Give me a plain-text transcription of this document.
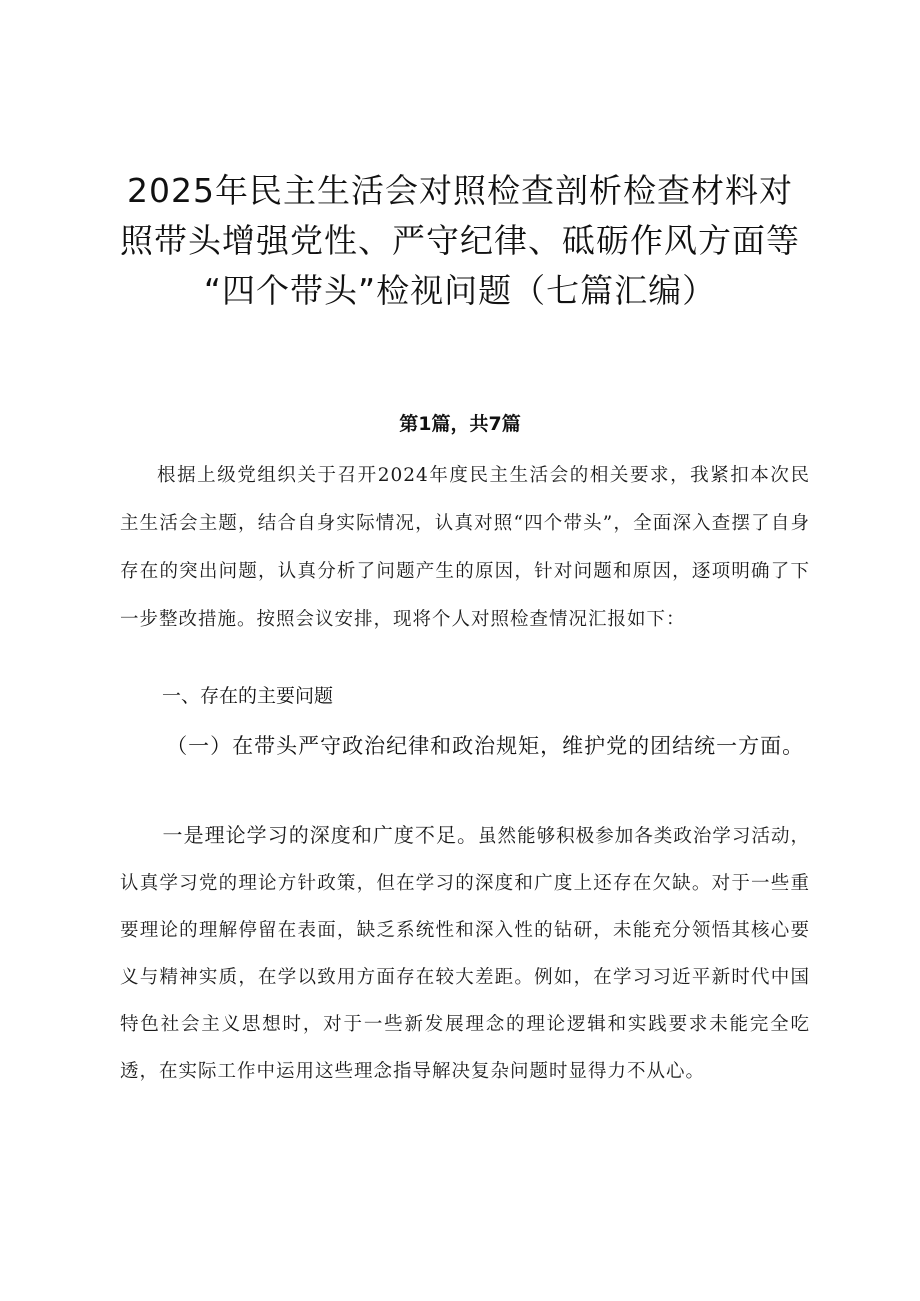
2025年民主生活会对照检查剖析检查材料对
照带头增强党性、严守纪律、砥砺作风方面等
“四个带头”检视问题（七篇汇编）

第1篇，共7篇

根据上级党组织关于召开2024年度民主生活会的相关要求，我紧扣本次民主生活会主题，结合自身实际情况，认真对照“四个带头”，全面深入查摆了自身存在的突出问题，认真分析了问题产生的原因，针对问题和原因，逐项明确了下一步整改措施。按照会议安排，现将个人对照检查情况汇报如下：

一、存在的主要问题

（一）在带头严守政治纪律和政治规矩，维护党的团结统一方面。

一是理论学习的深度和广度不足。虽然能够积极参加各类政治学习活动，认真学习党的理论方针政策，但在学习的深度和广度上还存在欠缺。对于一些重要理论的理解停留在表面，缺乏系统性和深入性的钻研，未能充分领悟其核心要义与精神实质，在学以致用方面存在较大差距。例如，在学习习近平新时代中国特色社会主义思想时，对于一些新发展理念的理论逻辑和实践要求未能完全吃透，在实际工作中运用这些理念指导解决复杂问题时显得力不从心。
